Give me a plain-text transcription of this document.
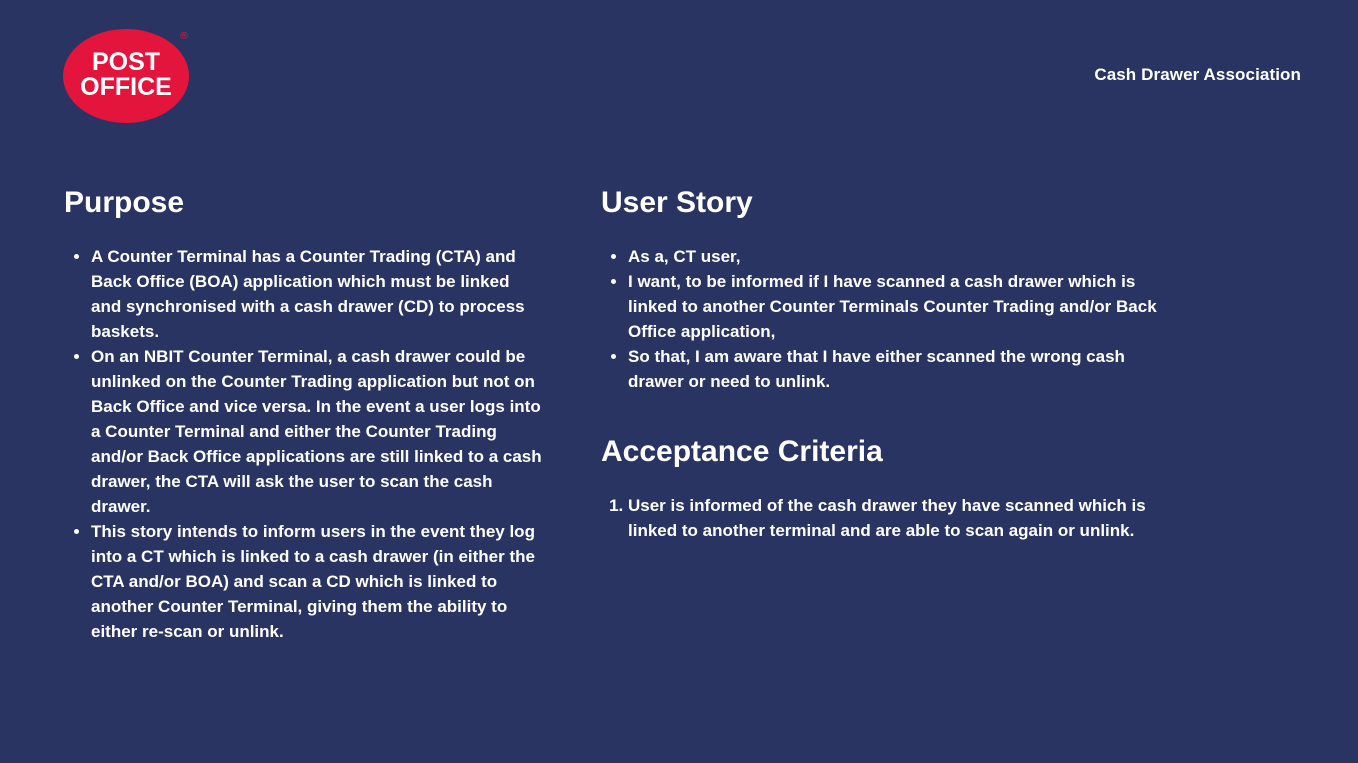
POST
OFFICE
®
Cash Drawer Association
Purpose
• A Counter Terminal has a Counter Trading (CTA) and Back Office (BOA) application which must be linked and synchronised with a cash drawer (CD) to process baskets.
• On an NBIT Counter Terminal, a cash drawer could be unlinked on the Counter Trading application but not on Back Office and vice versa. In the event a user logs into a Counter Terminal and either the Counter Trading and/or Back Office applications are still linked to a cash drawer, the CTA will ask the user to scan the cash drawer.
• This story intends to inform users in the event they log into a CT which is linked to a cash drawer (in either the CTA and/or BOA) and scan a CD which is linked to another Counter Terminal, giving them the ability to either re-scan or unlink.
User Story
• As a, CT user,
• I want, to be informed if I have scanned a cash drawer which is linked to another Counter Terminals Counter Trading and/or Back Office application,
• So that, I am aware that I have either scanned the wrong cash drawer or need to unlink.
Acceptance Criteria
1. User is informed of the cash drawer they have scanned which is linked to another terminal and are able to scan again or unlink.
